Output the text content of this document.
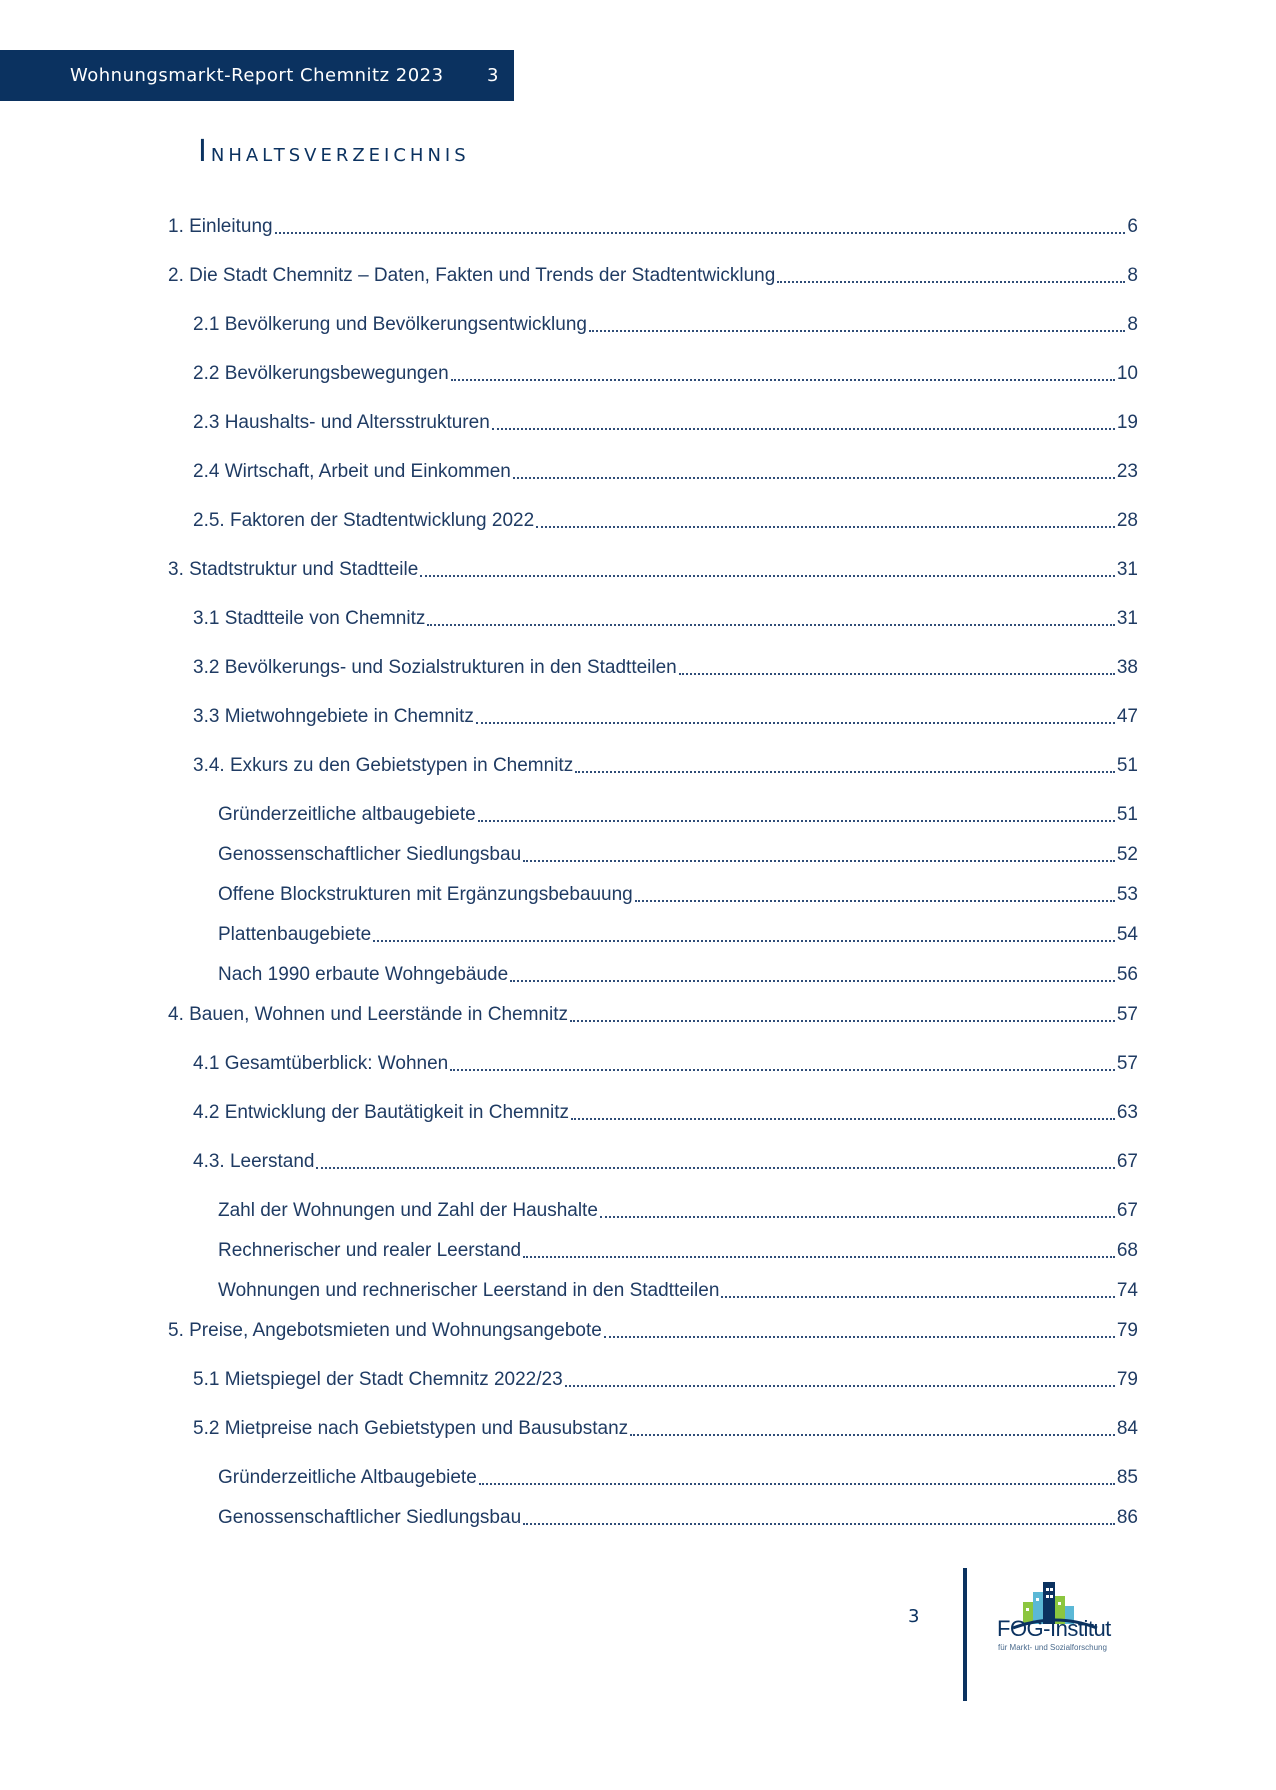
Wohnungsmarkt-Report Chemnitz 2023 3
Inhaltsverzeichnis
1. Einleitung	6
2. Die Stadt Chemnitz – Daten, Fakten und Trends der Stadtentwicklung	8
2.1 Bevölkerung und Bevölkerungsentwicklung	8
2.2 Bevölkerungsbewegungen	10
2.3 Haushalts- und Altersstrukturen	19
2.4 Wirtschaft, Arbeit und Einkommen	23
2.5. Faktoren der Stadtentwicklung 2022	28
3. Stadtstruktur und Stadtteile	31
3.1 Stadtteile von Chemnitz	31
3.2 Bevölkerungs- und Sozialstrukturen in den Stadtteilen	38
3.3 Mietwohngebiete in Chemnitz	47
3.4. Exkurs zu den Gebietstypen in Chemnitz	51
Gründerzeitliche altbaugebiete	51
Genossenschaftlicher Siedlungsbau	52
Offene Blockstrukturen mit Ergänzungsbebauung	53
Plattenbaugebiete	54
Nach 1990 erbaute Wohngebäude	56
4. Bauen, Wohnen und Leerstände in Chemnitz	57
4.1 Gesamtüberblick: Wohnen	57
4.2 Entwicklung der Bautätigkeit in Chemnitz	63
4.3. Leerstand	67
Zahl der Wohnungen und Zahl der Haushalte	67
Rechnerischer und realer Leerstand	68
Wohnungen und rechnerischer Leerstand in den Stadtteilen	74
5. Preise, Angebotsmieten und Wohnungsangebote	79
5.1 Mietspiegel der Stadt Chemnitz 2022/23	79
5.2 Mietpreise nach Gebietstypen und Bausubstanz	84
Gründerzeitliche Altbaugebiete	85
Genossenschaftlicher Siedlungsbau	86
3	FOG-Institut
für Markt- und Sozialforschung
